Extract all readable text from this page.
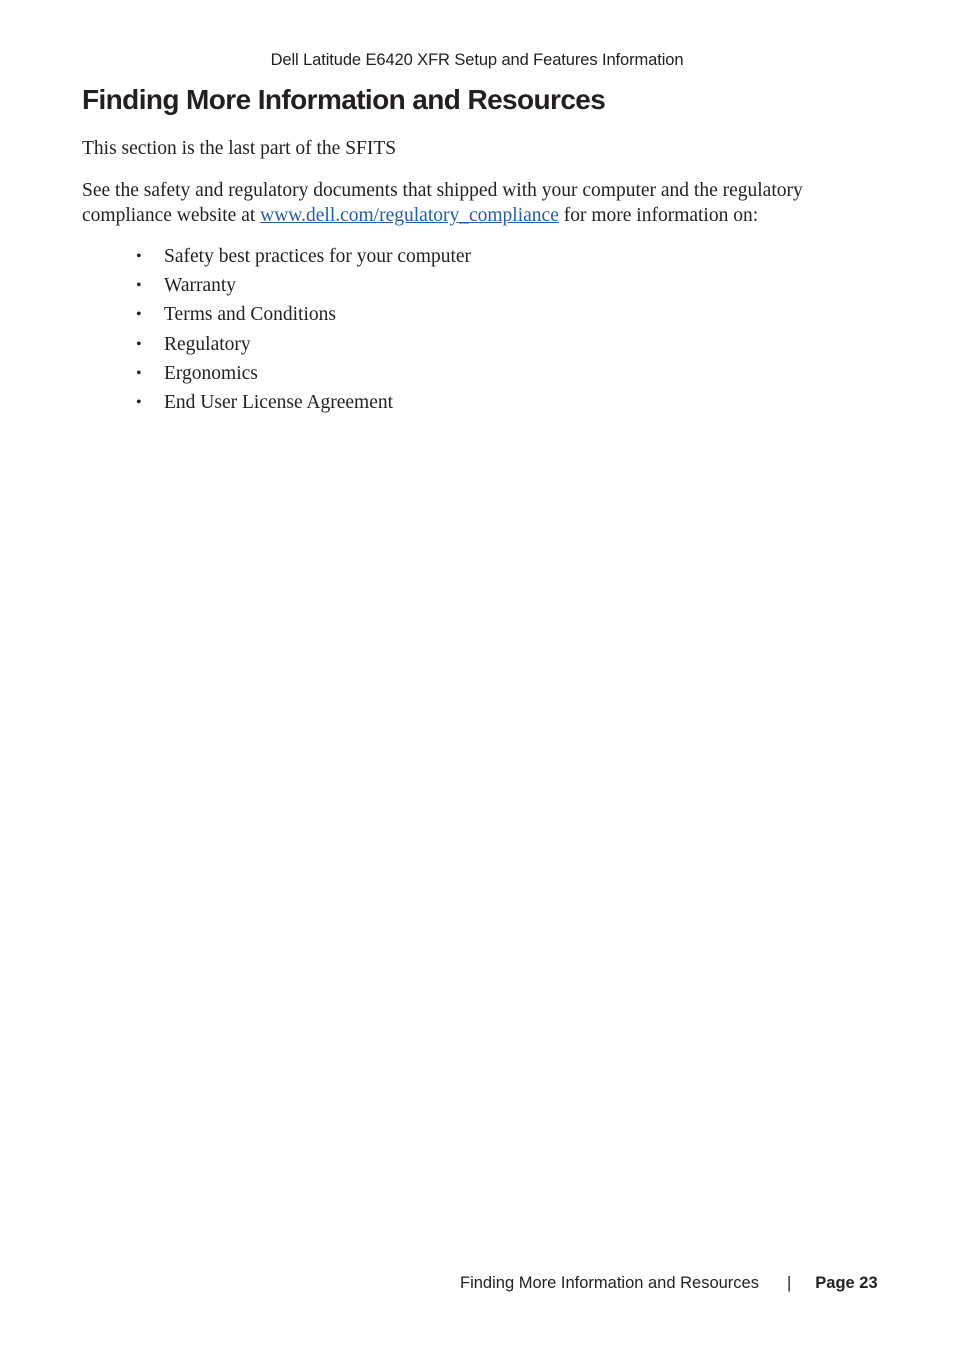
Dell Latitude E6420 XFR Setup and Features Information
Finding More Information and Resources

This section is the last part of the SFITS

See the safety and regulatory documents that shipped with your computer and the regulatory compliance website at www.dell.com/regulatory_compliance for more information on:

• Safety best practices for your computer
• Warranty
• Terms and Conditions
• Regulatory
• Ergonomics
• End User License Agreement
Finding More Information and Resources | Page 23
